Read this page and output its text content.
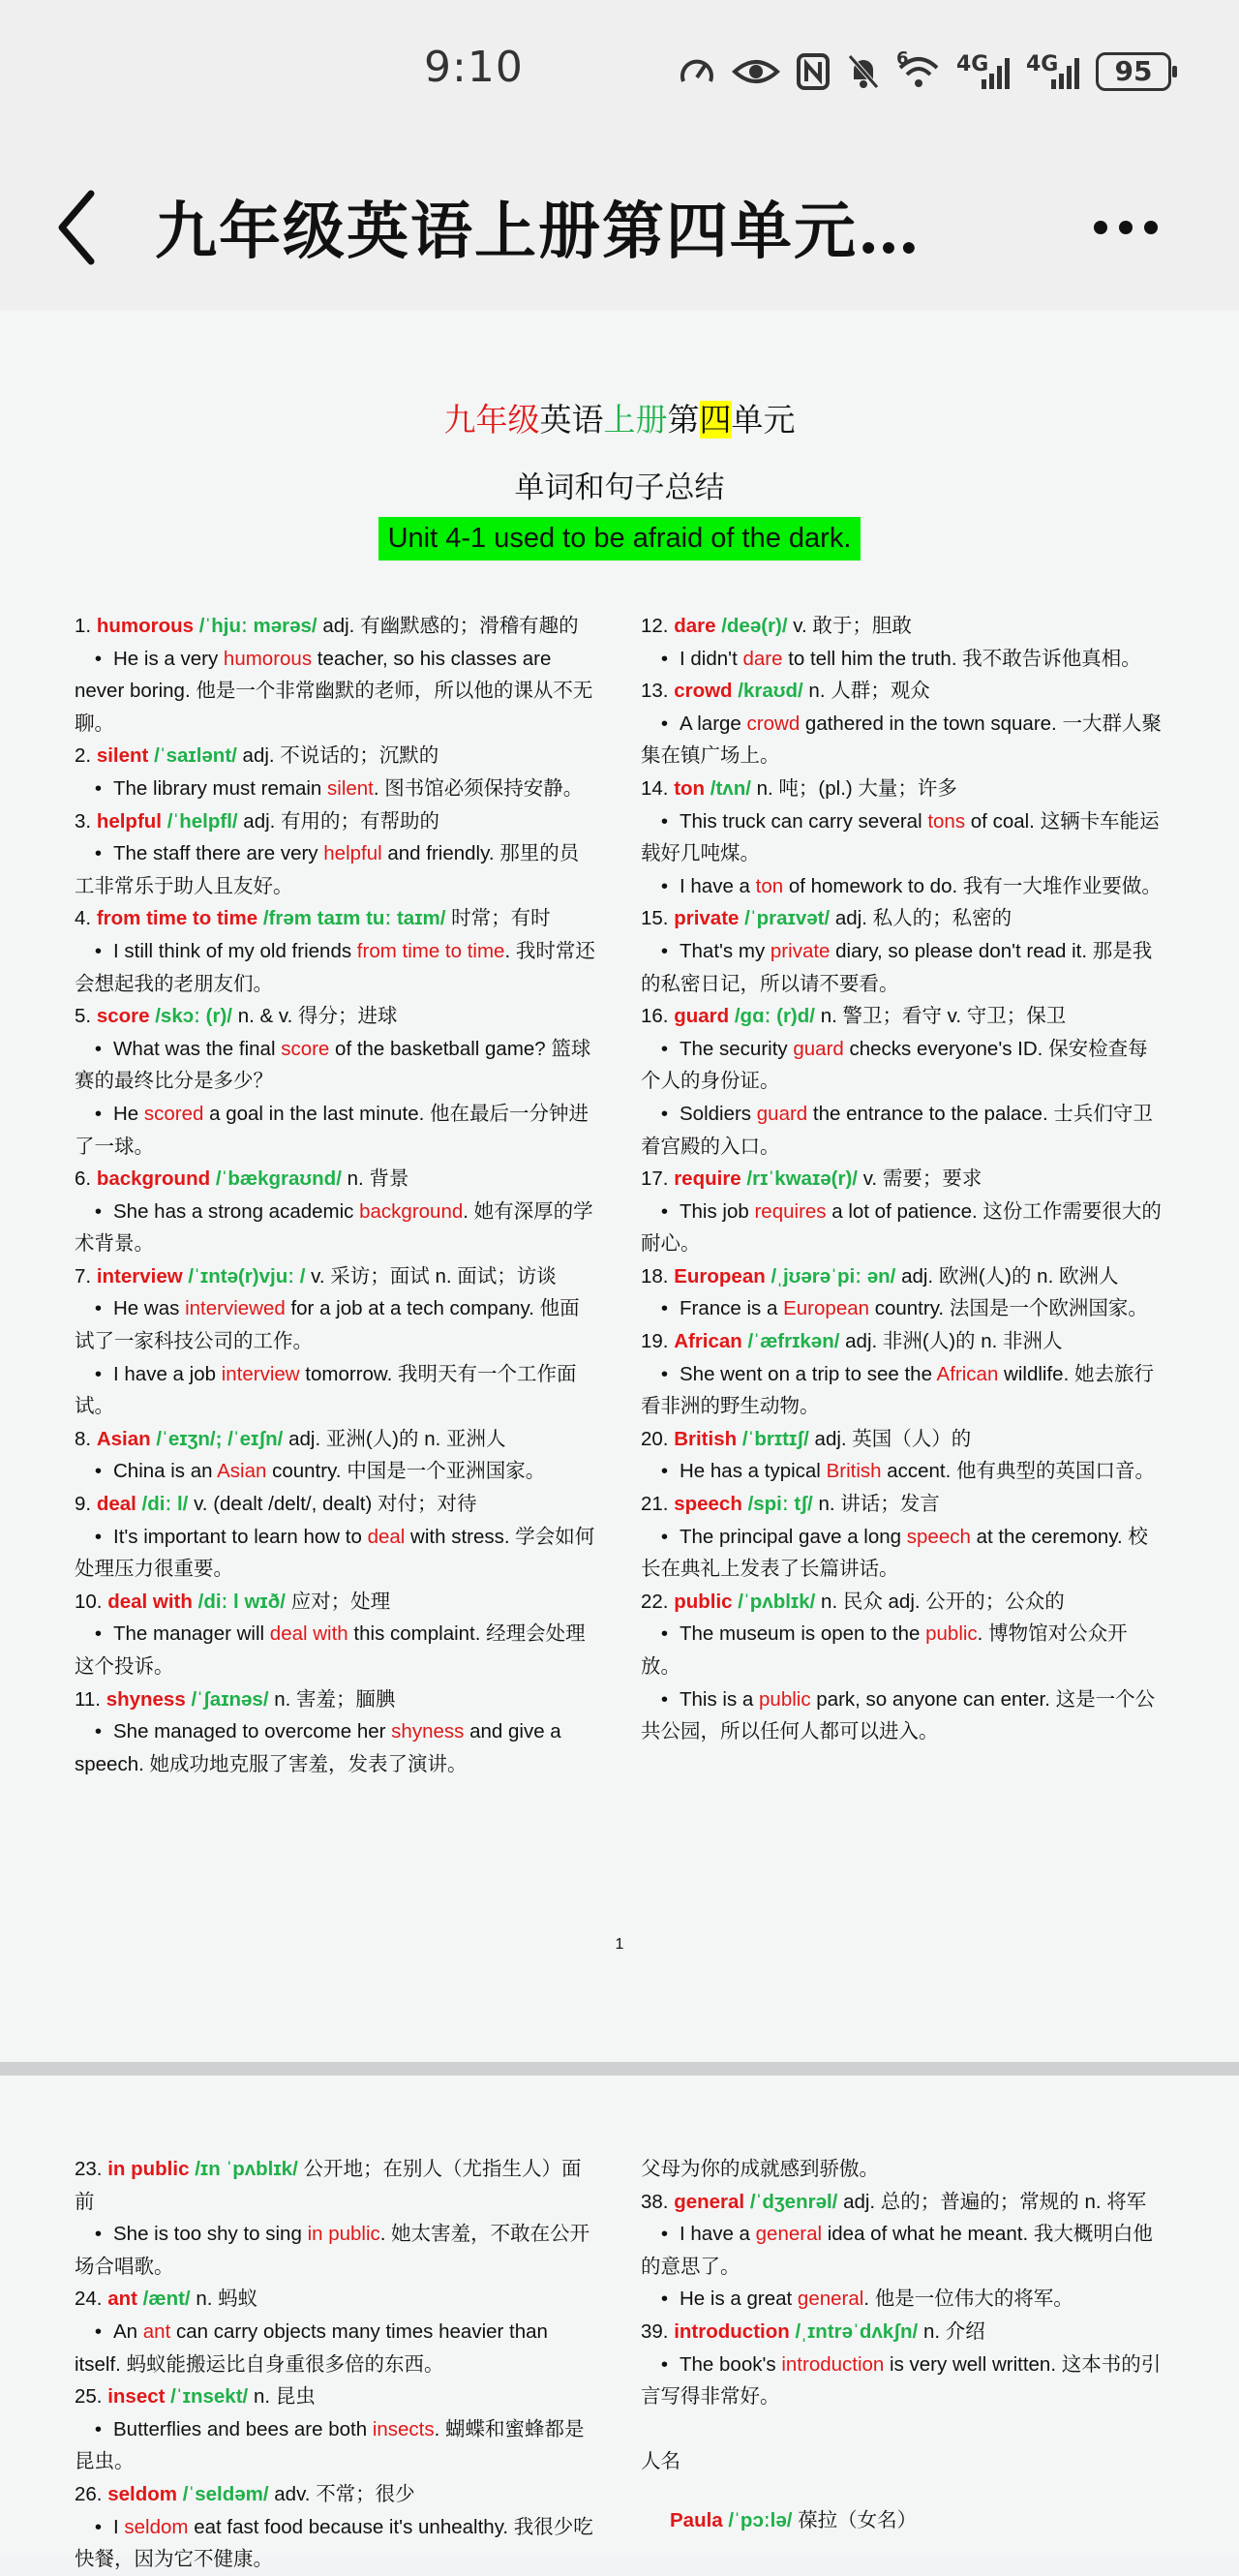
9:10	6 4G 4G	95
九年级英语上册第四单元…
九年级英语上册第四单元
单词和句子总结
Unit 4-1 used to be afraid of the dark.
1. humorous /ˈhjuː mərəs/ adj. 有幽默感的；滑稽有趣的
• He is a very humorous teacher, so his classes are never boring. 他是一个非常幽默的老师，所以他的课从不无聊。
2. silent /ˈsaɪlənt/ adj. 不说话的；沉默的
• The library must remain silent. 图书馆必须保持安静。
3. helpful /ˈhelpfl/ adj. 有用的；有帮助的
• The staff there are very helpful and friendly. 那里的员工非常乐于助人且友好。
4. from time to time /frəm taɪm tuː taɪm/ 时常；有时
• I still think of my old friends from time to time. 我时常还会想起我的老朋友们。
5. score /skɔː (r)/ n. & v. 得分；进球
• What was the final score of the basketball game? 篮球赛的最终比分是多少？
• He scored a goal in the last minute. 他在最后一分钟进了一球。
6. background /ˈbækɡraʊnd/ n. 背景
• She has a strong academic background. 她有深厚的学术背景。
7. interview /ˈɪntə(r)vjuː / v. 采访；面试 n. 面试；访谈
• He was interviewed for a job at a tech company. 他面试了一家科技公司的工作。
• I have a job interview tomorrow. 我明天有一个工作面试。
8. Asian /ˈeɪʒn/; /ˈeɪʃn/ adj. 亚洲(人)的 n. 亚洲人
• China is an Asian country. 中国是一个亚洲国家。
9. deal /diː l/ v. (dealt /delt/, dealt) 对付；对待
• It's important to learn how to deal with stress. 学会如何处理压力很重要。
10. deal with /diː l wɪð/ 应对；处理
• The manager will deal with this complaint. 经理会处理这个投诉。
11. shyness /ˈʃaɪnəs/ n. 害羞；腼腆
• She managed to overcome her shyness and give a speech. 她成功地克服了害羞，发表了演讲。
12. dare /deə(r)/ v. 敢于；胆敢
• I didn't dare to tell him the truth. 我不敢告诉他真相。
13. crowd /kraʊd/ n. 人群；观众
• A large crowd gathered in the town square. 一大群人聚集在镇广场上。
14. ton /tʌn/ n. 吨；(pl.) 大量；许多
• This truck can carry several tons of coal. 这辆卡车能运载好几吨煤。
• I have a ton of homework to do. 我有一大堆作业要做。
15. private /ˈpraɪvət/ adj. 私人的；私密的
• That's my private diary, so please don't read it. 那是我的私密日记，所以请不要看。
16. guard /ɡɑː (r)d/ n. 警卫；看守 v. 守卫；保卫
• The security guard checks everyone's ID. 保安检查每个人的身份证。
• Soldiers guard the entrance to the palace. 士兵们守卫着宫殿的入口。
17. require /rɪˈkwaɪə(r)/ v. 需要；要求
• This job requires a lot of patience. 这份工作需要很大的耐心。
18. European /ˌjʊərəˈpiː ən/ adj. 欧洲(人)的 n. 欧洲人
• France is a European country. 法国是一个欧洲国家。
19. African /ˈæfrɪkən/ adj. 非洲(人)的 n. 非洲人
• She went on a trip to see the African wildlife. 她去旅行看非洲的野生动物。
20. British /ˈbrɪtɪʃ/ adj. 英国（人）的
• He has a typical British accent. 他有典型的英国口音。
21. speech /spiː tʃ/ n. 讲话；发言
• The principal gave a long speech at the ceremony. 校长在典礼上发表了长篇讲话。
22. public /ˈpʌblɪk/ n. 民众 adj. 公开的；公众的
• The museum is open to the public. 博物馆对公众开放。
• This is a public park, so anyone can enter. 这是一个公共公园，所以任何人都可以进入。
1
23. in public /ɪn ˈpʌblɪk/ 公开地；在别人（尤指生人）面前
• She is too shy to sing in public. 她太害羞，不敢在公开场合唱歌。
24. ant /ænt/ n. 蚂蚁
• An ant can carry objects many times heavier than itself. 蚂蚁能搬运比自身重很多倍的东西。
25. insect /ˈɪnsekt/ n. 昆虫
• Butterflies and bees are both insects. 蝴蝶和蜜蜂都是昆虫。
26. seldom /ˈseldəm/ adv. 不常；很少
• I seldom eat fast food because it's unhealthy. 我很少吃快餐，因为它不健康。
父母为你的成就感到骄傲。
38. general /ˈdʒenrəl/ adj. 总的；普遍的；常规的 n. 将军
• I have a general idea of what he meant. 我大概明白他的意思了。
• He is a great general. 他是一位伟大的将军。
39. introduction /ˌɪntrəˈdʌkʃn/ n. 介绍
• The book's introduction is very well written. 这本书的引言写得非常好。
人名
Paula /ˈpɔːlə/ 葆拉（女名）
